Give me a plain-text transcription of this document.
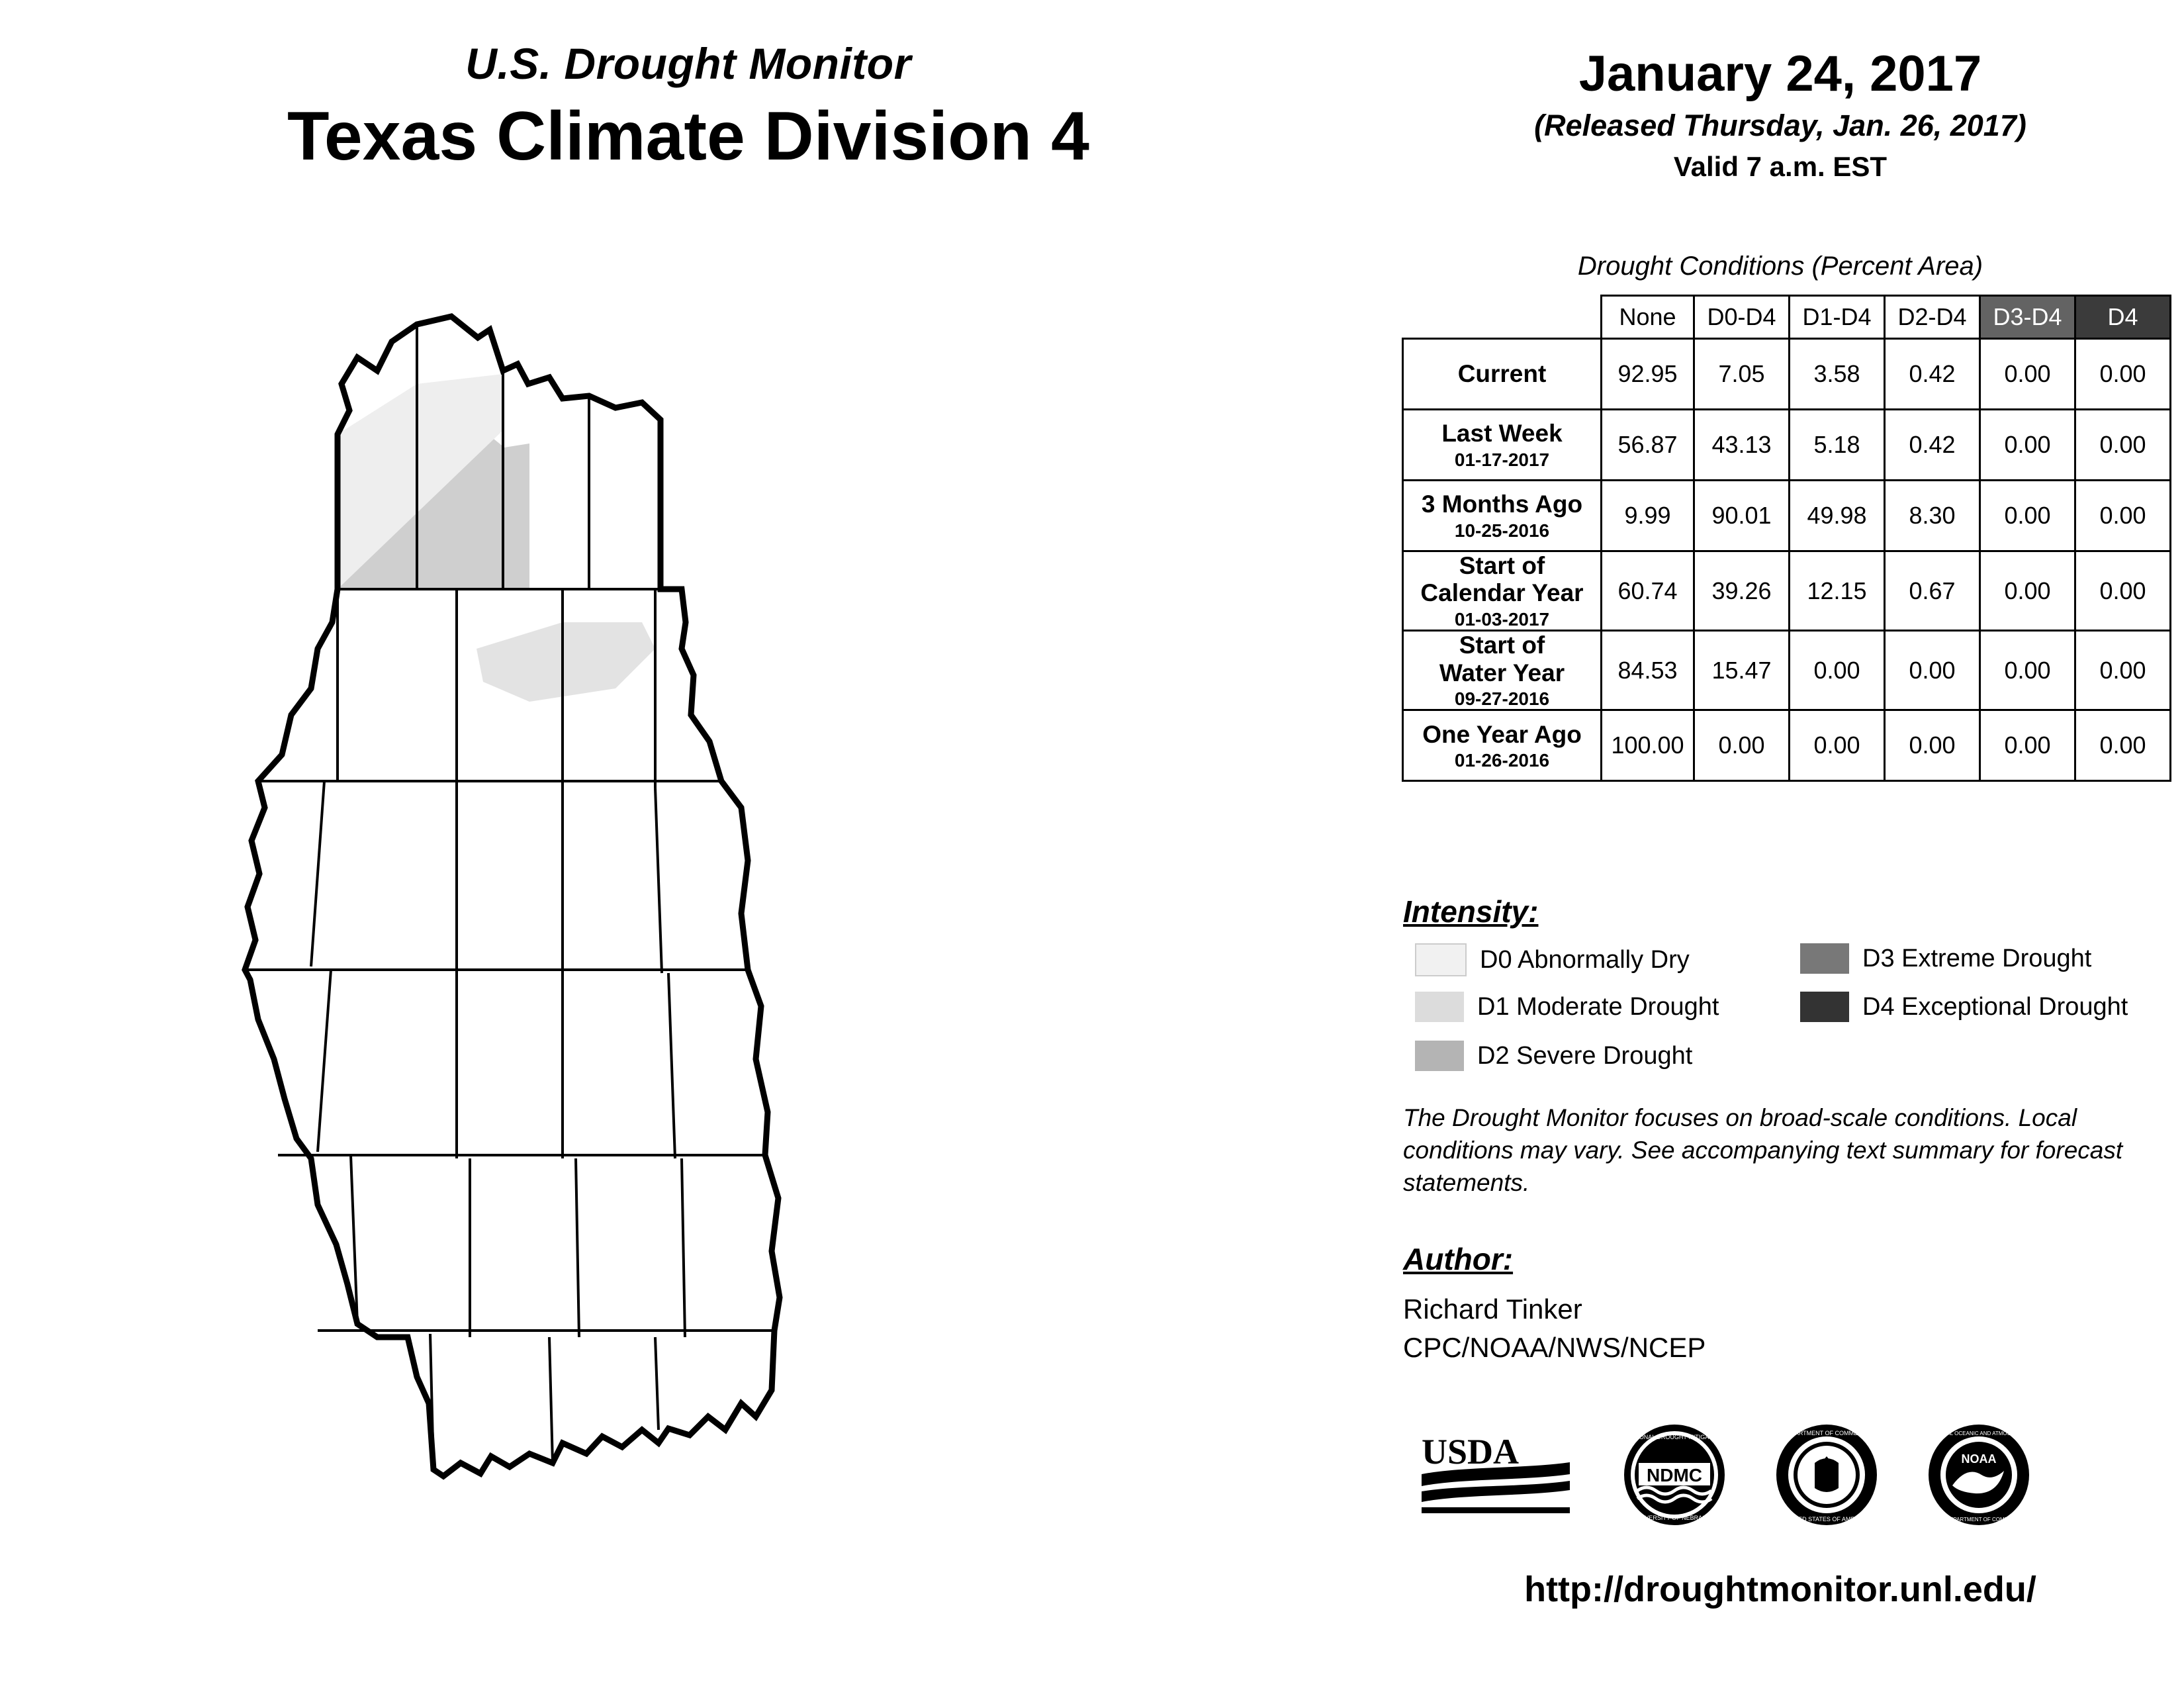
U.S. Drought Monitor
Texas Climate Division 4
January 24, 2017
(Released Thursday, Jan. 26, 2017)
Valid 7 a.m. EST
Drought Conditions (Percent Area)
	None	D0-D4	D1-D4	D2-D4	D3-D4	D4
Current	92.95	7.05	3.58	0.42	0.00	0.00
Last Week
01-17-2017	56.87	43.13	5.18	0.42	0.00	0.00
3 Months Ago
10-25-2016	9.99	90.01	49.98	8.30	0.00	0.00
Start of
Calendar Year
01-03-2017	60.74	39.26	12.15	0.67	0.00	0.00
Start of
Water Year
09-27-2016	84.53	15.47	0.00	0.00	0.00	0.00
One Year Ago
01-26-2016	100.00	0.00	0.00	0.00	0.00	0.00
Intensity:
D0 Abnormally Dry
D1 Moderate Drought
D2 Severe Drought
D3 Extreme Drought
D4 Exceptional Drought
The Drought Monitor focuses on broad-scale conditions. Local conditions may vary. See accompanying text summary for forecast statements.
Author:
Richard Tinker
CPC/NOAA/NWS/NCEP
USDA
NDMC
NATIONAL DROUGHT MITIGATION
UNIVERSITY OF NEBRASKA
DEPARTMENT OF COMMERCE
UNITED STATES OF AMERICA
NOAA
NATIONAL OCEANIC AND ATMOSPHERIC
U.S. DEPARTMENT OF COMMERCE
http://droughtmonitor.unl.edu/
